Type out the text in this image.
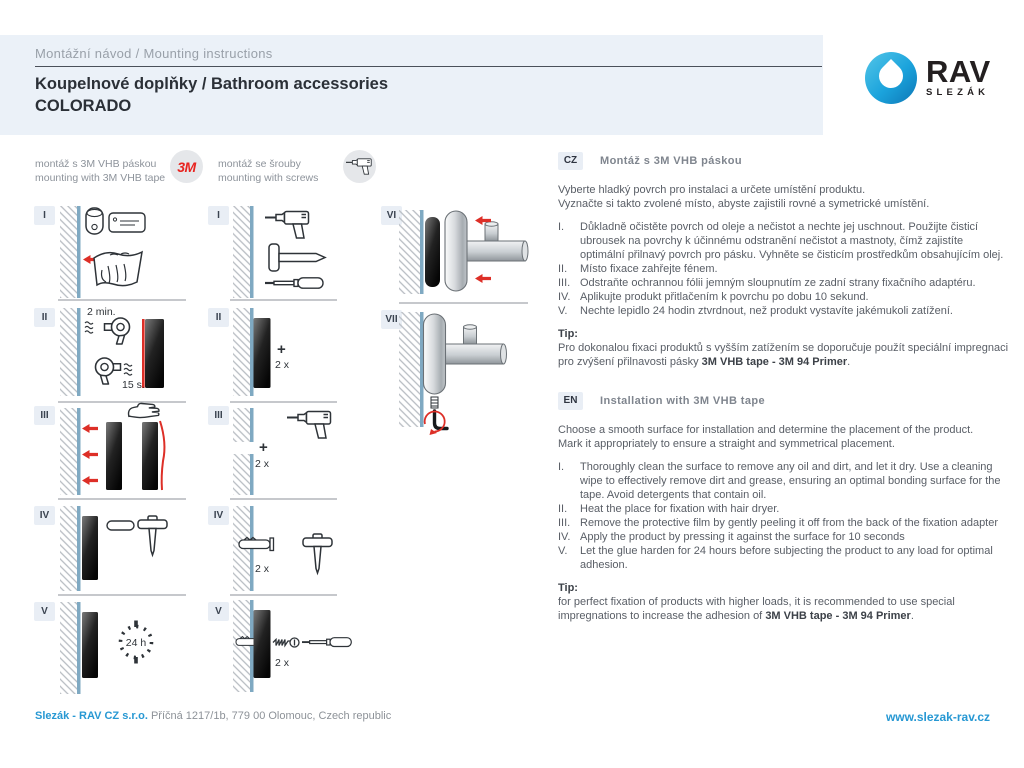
Montážní návod / Mounting instructions
Koupelnové doplňky / Bathroom accessories
COLORADO
RAV
SLEZÁK
montáž s 3M VHB páskou
mounting with 3M VHB tape
3M montáž se šrouby
mounting with screws
I
II
III
IV
V
I
II
III
IV
V
VI
VII
2 min.
15 s.
24 h
+
2 x
+
2 x
2 x
2 x
CZ	Montáž s 3M VHB páskou
Vyberte hladký povrch pro instalaci a určete umístění produktu.
Vyznačte si takto zvolené místo, abyste zajistili rovné a symetrické umístění.
I.	Důkladně očistěte povrch od oleje a nečistot a nechte jej uschnout. Použijte čisticí ubrousek na povrchy k účinnému odstranění nečistot a mastnoty, čímž zajistíte optimální přilnavý povrch pro pásku. Vyhněte se čisticím prostředkům obsahujícím olej.
II.	Místo fixace zahřejte fénem.
III. Odstraňte ochrannou fólii jemným sloupnutím ze zadní strany fixačního adaptéru.
IV. Aplikujte produkt přitlačením k povrchu po dobu 10 sekund.
V.	Nechte lepidlo 24 hodin ztvrdnout, než produkt vystavíte jakémukoli zatížení.
Tip:
Pro dokonalou fixaci produktů s vyšším zatížením se doporučuje použít speciální impregnaci pro zvýšení přilnavosti pásky 3M VHB tape - 3M 94 Primer.
EN	Installation with 3M VHB tape
Choose a smooth surface for installation and determine the placement of the product.
Mark it appropriately to ensure a straight and symmetrical placement.
I.	Thoroughly clean the surface to remove any oil and dirt, and let it dry. Use a cleaning wipe to effectively remove dirt and grease, ensuring an optimal bonding surface for the tape. Avoid detergents that contain oil.
II.	Heat the place for fixation with hair dryer.
III. Remove the protective film by gently peeling it off from the back of the fixation adapter
IV. Apply the product by pressing it against the surface for 10 seconds
V.	Let the glue harden for 24 hours before subjecting the product to any load for optimal adhesion.
Tip:
for perfect fixation of products with higher loads, it is recommended to use special impregnations to increase the adhesion of 3M VHB tape - 3M 94 Primer.
Slezák - RAV CZ s.r.o. Příčná 1217/1b, 779 00 Olomouc, Czech republic	www.slezak-rav.cz
